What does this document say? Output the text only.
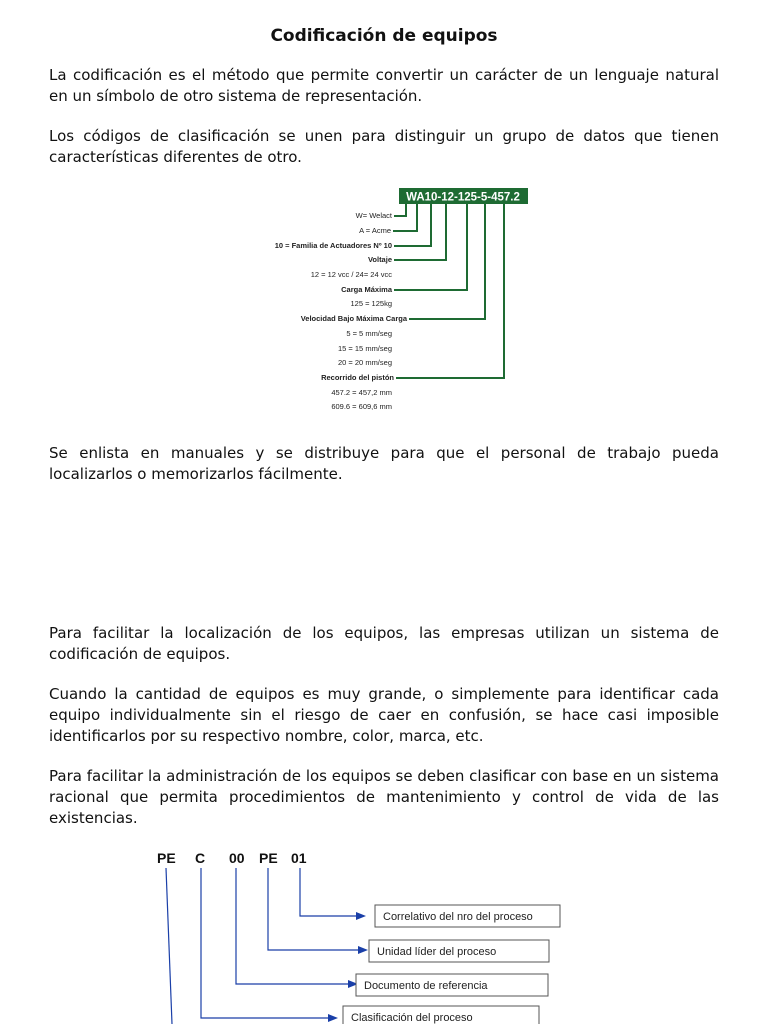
Codificación de equipos

La codificación es el método que permite convertir un carácter de un lenguaje natural en un símbolo de otro sistema de representación.

Los códigos de clasificación se unen para distinguir un grupo de datos que tienen características diferentes de otro.

WA10-12-125-5-457.2
W= Welact
A = Acme
10 = Familia de Actuadores Nº 10
Voltaje
12 = 12 vcc / 24= 24 vcc
Carga Máxima
125 = 125kg
Velocidad Bajo Máxima Carga
5 = 5 mm/seg
15 = 15 mm/seg
20 = 20 mm/seg
Recorrido del pistón
457.2 = 457,2 mm
609.6 = 609,6 mm

Se enlista en manuales y se distribuye para que el personal de trabajo pueda localizarlos o memorizarlos fácilmente.

Para facilitar la localización de los equipos, las empresas utilizan un sistema de codificación de equipos.

Cuando la cantidad de equipos es muy grande, o simplemente para identificar cada equipo individualmente sin el riesgo de caer en confusión, se hace casi imposible identificarlos por su respectivo nombre, color, marca, etc.

Para facilitar la administración de los equipos se deben clasificar con base en un sistema racional que permita procedimientos de mantenimiento y control de vida de las existencias.

PE C 00 PE 01
Correlativo del nro del proceso
Unidad líder del proceso
Documento de referencia
Clasificación del proceso
